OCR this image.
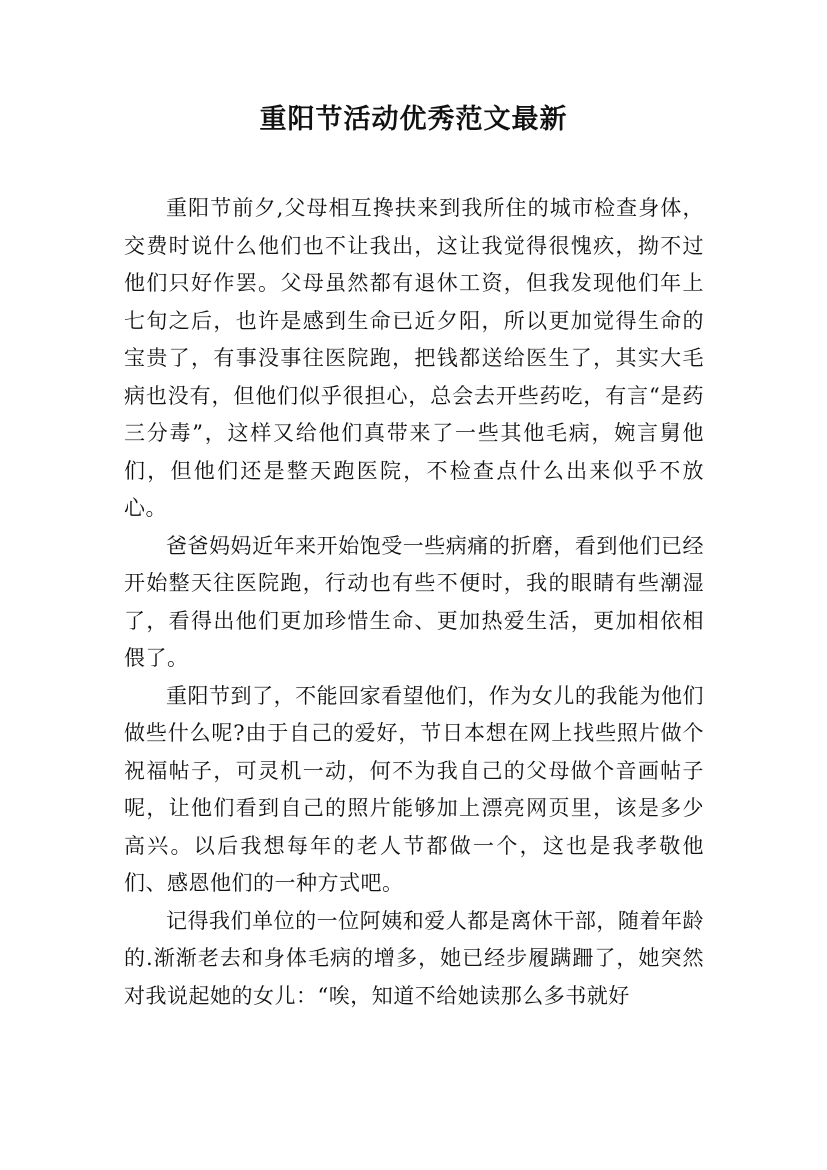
重阳节活动优秀范文最新

重阳节前夕,父母相互搀扶来到我所住的城市检查身体，交费时说什么他们也不让我出，这让我觉得很愧疚，拗不过他们只好作罢。父母虽然都有退休工资，但我发现他们年上七旬之后，也许是感到生命已近夕阳，所以更加觉得生命的宝贵了，有事没事往医院跑，把钱都送给医生了，其实大毛病也没有，但他们似乎很担心，总会去开些药吃，有言“是药三分毒”，这样又给他们真带来了一些其他毛病，婉言舅他们，但他们还是整天跑医院，不检查点什么出来似乎不放心。

爸爸妈妈近年来开始饱受一些病痛的折磨，看到他们已经开始整天往医院跑，行动也有些不便时，我的眼睛有些潮湿了，看得出他们更加珍惜生命、更加热爱生活，更加相依相偎了。

重阳节到了，不能回家看望他们，作为女儿的我能为他们做些什么呢?由于自己的爱好，节日本想在网上找些照片做个祝福帖子，可灵机一动，何不为我自己的父母做个音画帖子呢，让他们看到自己的照片能够加上漂亮网页里，该是多少高兴。以后我想每年的老人节都做一个，这也是我孝敬他们、感恩他们的一种方式吧。

记得我们单位的一位阿姨和爱人都是离休干部，随着年龄的.渐渐老去和身体毛病的增多，她已经步履蹒跚了，她突然对我说起她的女儿：“唉，知道不给她读那么多书就好
